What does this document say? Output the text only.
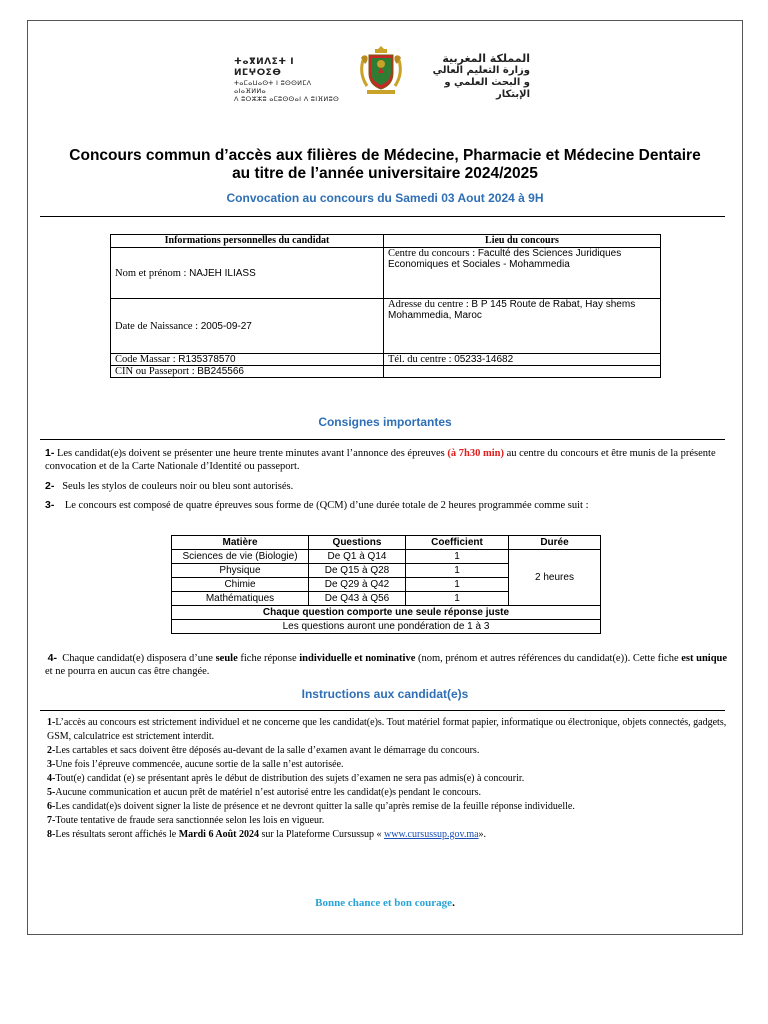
ⵜⴰⴳⵍⴷⵉⵜ ⵏ ⵍⵎⵖⵔⵉⴱ
ⵜⴰⵎⴰⵡⴰⵙⵜ ⵏ ⵓⵙⵙⵍⵎⴷ ⴰⵏⴰⴼⵍⵍⴰ
ⴷ ⵓⵔⵣⵣⵓ ⴰⵎⵓⵙⵙⴰⵏ ⴷ ⵓⵏⴼⵍⵓⵙ
المملكة المغربية
وزارة التعليم العالي
و البحث العلمي و الإبتكار
Concours commun d’accès aux filières de Médecine, Pharmacie et Médecine Dentaire
au titre de l’année universitaire 2024/2025
Convocation au concours du Samedi 03 Aout 2024 à 9H
Informations personnelles du candidat	Lieu du concours
Nom et prénom : NAJEH ILIASS	Centre du concours : Faculté des Sciences Juridiques Economiques et Sociales - Mohammedia
Date de Naissance : 2005-09-27	Adresse du centre : B P 145 Route de Rabat, Hay shems Mohammedia, Maroc
Code Massar : R135378570	Tél. du centre : 05233-14682
CIN ou Passeport : BB245566	
Consignes importantes
1- Les candidat(e)s doivent se présenter une heure trente minutes avant l’annonce des épreuves (à 7h30 min) au centre du concours et être munis de la présente convocation et de la Carte Nationale d’Identité ou passeport.
2- Seuls les stylos de couleurs noir ou bleu sont autorisés.
3- Le concours est composé de quatre épreuves sous forme de (QCM) d’une durée totale de 2 heures programmée comme suit :
Matière	Questions	Coefficient	Durée
Sciences de vie (Biologie)	De Q1 à Q14	1	2 heures
Physique	De Q15 à Q28	1	
Chimie	De Q29 à Q42	1	
Mathématiques	De Q43 à Q56	1	
Chaque question comporte une seule réponse juste			
Les questions auront une pondération de 1 à 3			
4- Chaque candidat(e) disposera d’une seule fiche réponse individuelle et nominative (nom, prénom et autres références du candidat(e)). Cette fiche est unique et ne pourra en aucun cas être changée.
Instructions aux candidat(e)s
1-L’accès au concours est strictement individuel et ne concerne que les candidat(e)s. Tout matériel format papier, informatique ou électronique, objets connectés, gadgets, GSM, calculatrice est strictement interdit.
2-Les cartables et sacs doivent être déposés au-devant de la salle d’examen avant le démarrage du concours.
3-Une fois l’épreuve commencée, aucune sortie de la salle n’est autorisée.
4-Tout(e) candidat (e) se présentant après le début de distribution des sujets d’examen ne sera pas admis(e) à concourir.
5-Aucune communication et aucun prêt de matériel n’est autorisé entre les candidat(e)s pendant le concours.
6-Les candidat(e)s doivent signer la liste de présence et ne devront quitter la salle qu’après remise de la feuille réponse individuelle.
7-Toute tentative de fraude sera sanctionnée selon les lois en vigueur.
8-Les résultats seront affichés le Mardi 6 Août 2024 sur la Plateforme Cursussup « www.cursussup.gov.ma».
Bonne chance et bon courage.
